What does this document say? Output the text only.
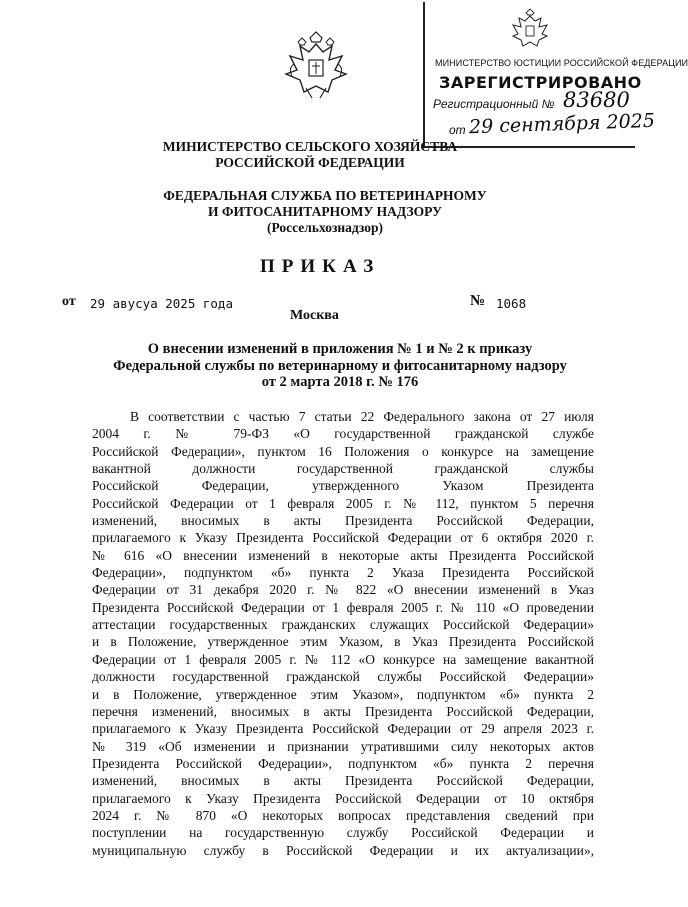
МИНИСТЕРСТВО ЮСТИЦИИ РОССИЙСКОЙ ФЕДЕРАЦИИ
ЗАРЕГИСТРИРОВАНО
Регистрационный № 83680
от 29 сентября 2025
МИНИСТЕРСТВО СЕЛЬСКОГО ХОЗЯЙСТВА
РОССИЙСКОЙ ФЕДЕРАЦИИ
ФЕДЕРАЛЬНАЯ СЛУЖБА ПО ВЕТЕРИНАРНОМУ
И ФИТОСАНИТАРНОМУ НАДЗОРУ
(Россельхознадзор)
ПРИКАЗ
от 29 авусуа 2025 года
Москва
№ 1068
О внесении изменений в приложения № 1 и № 2 к приказу
Федеральной службы по ветеринарному и фитосанитарному надзору
от 2 марта 2018 г. № 176
В соответствии с частью 7 статьи 22 Федерального закона от 27 июля
2004 г. № 79-ФЗ «О государственной гражданской службе
Российской Федерации», пунктом 16 Положения о конкурсе на замещение
вакантной должности государственной гражданской службы
Российской Федерации, утвержденного Указом Президента
Российской Федерации от 1 февраля 2005 г. № 112, пунктом 5 перечня
изменений, вносимых в акты Президента Российской Федерации,
прилагаемого к Указу Президента Российской Федерации от 6 октября 2020 г.
№ 616 «О внесении изменений в некоторые акты Президента Российской
Федерации», подпунктом «б» пункта 2 Указа Президента Российской
Федерации от 31 декабря 2020 г. № 822 «О внесении изменений в Указ
Президента Российской Федерации от 1 февраля 2005 г. № 110 «О проведении
аттестации государственных гражданских служащих Российской Федерации»
и в Положение, утвержденное этим Указом, в Указ Президента Российской
Федерации от 1 февраля 2005 г. № 112 «О конкурсе на замещение вакантной
должности государственной гражданской службы Российской Федерации»
и в Положение, утвержденное этим Указом», подпунктом «б» пункта 2
перечня изменений, вносимых в акты Президента Российской Федерации,
прилагаемого к Указу Президента Российской Федерации от 29 апреля 2023 г.
№ 319 «Об изменении и признании утратившими силу некоторых актов
Президента Российской Федерации», подпунктом «б» пункта 2 перечня
изменений, вносимых в акты Президента Российской Федерации,
прилагаемого к Указу Президента Российской Федерации от 10 октября
2024 г. № 870 «О некоторых вопросах представления сведений при
поступлении на государственную службу Российской Федерации и
муниципальную службу в Российской Федерации и их актуализации»,
